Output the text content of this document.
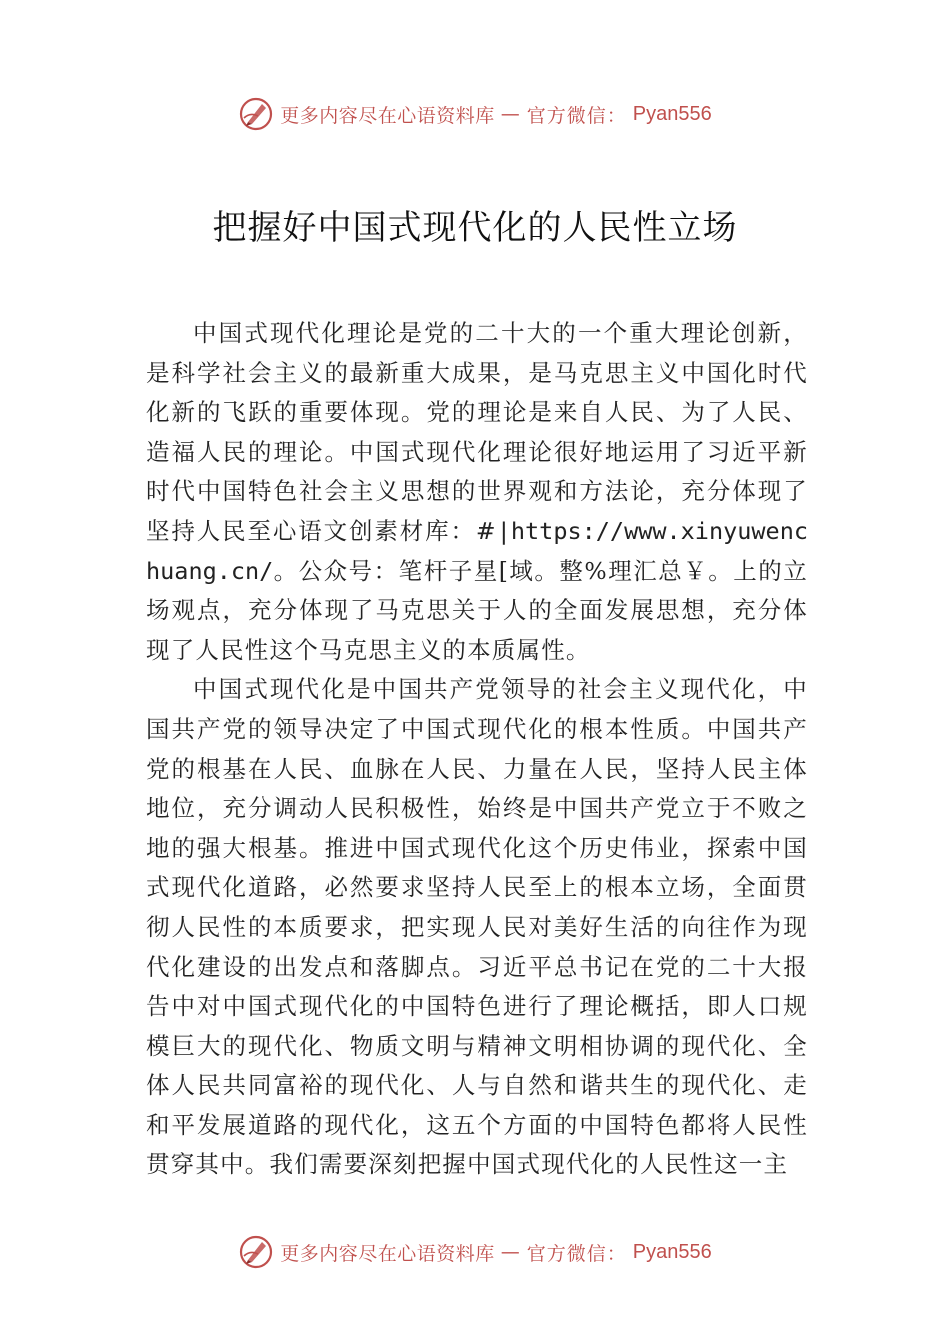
更多内容尽在心语资料库 — 官方微信： Pyan556
把握好中国式现代化的人民性立场

中国式现代化理论是党的二十大的一个重大理论创新，是科学社会主义的最新重大成果，是马克思主义中国化时代化新的飞跃的重要体现。党的理论是来自人民、为了人民、造福人民的理论。中国式现代化理论很好地运用了习近平新时代中国特色社会主义思想的世界观和方法论，充分体现了坚持人民至心语文创素材库：#|https://www.xinyuwenchuang.cn/。公众号：笔杆子星[域。整%理汇总￥。上的立场观点，充分体现了马克思关于人的全面发展思想，充分体现了人民性这个马克思主义的本质属性。

中国式现代化是中国共产党领导的社会主义现代化，中国共产党的领导决定了中国式现代化的根本性质。中国共产党的根基在人民、血脉在人民、力量在人民，坚持人民主体地位，充分调动人民积极性，始终是中国共产党立于不败之地的强大根基。推进中国式现代化这个历史伟业，探索中国式现代化道路，必然要求坚持人民至上的根本立场，全面贯彻人民性的本质要求，把实现人民对美好生活的向往作为现代化建设的出发点和落脚点。习近平总书记在党的二十大报告中对中国式现代化的中国特色进行了理论概括，即人口规模巨大的现代化、物质文明与精神文明相协调的现代化、全体人民共同富裕的现代化、人与自然和谐共生的现代化、走和平发展道路的现代化，这五个方面的中国特色都将人民性贯穿其中。我们需要深刻把握中国式现代化的人民性这一主

更多内容尽在心语资料库 — 官方微信： Pyan556
